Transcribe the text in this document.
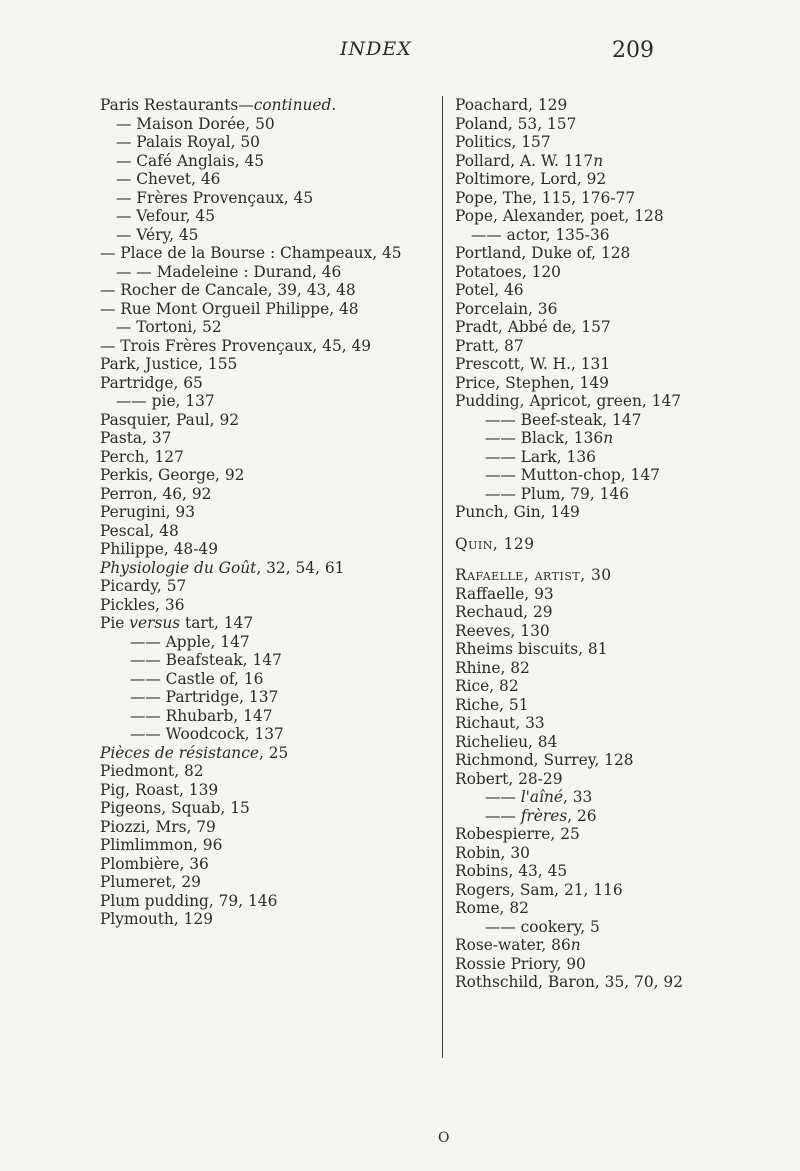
INDEX	209
Paris Restaurants—continued.
— Maison Dorée, 50
— Palais Royal, 50
— Café Anglais, 45
— Chevet, 46
— Frères Provençaux, 45
— Vefour, 45
— Véry, 45
— Place de la Bourse : Champeaux, 45
— — Madeleine : Durand, 46
— Rocher de Cancale, 39, 43, 48
— Rue Mont Orgueil Philippe, 48
— Tortoni, 52
— Trois Frères Provençaux, 45, 49
Park, Justice, 155
Partridge, 65
—— pie, 137
Pasquier, Paul, 92
Pasta, 37
Perch, 127
Perkis, George, 92
Perron, 46, 92
Perugini, 93
Pescal, 48
Philippe, 48-49
Physiologie du Goût, 32, 54, 61
Picardy, 57
Pickles, 36
Pie versus tart, 147
—— Apple, 147
—— Beafsteak, 147
—— Castle of, 16
—— Partridge, 137
—— Rhubarb, 147
—— Woodcock, 137
Pièces de résistance, 25
Piedmont, 82
Pig, Roast, 139
Pigeons, Squab, 15
Piozzi, Mrs, 79
Plimlimmon, 96
Plombière, 36
Plumeret, 29
Plum pudding, 79, 146
Plymouth, 129
Poachard, 129
Poland, 53, 157
Politics, 157
Pollard, A. W. 117n
Poltimore, Lord, 92
Pope, The, 115, 176-77
Pope, Alexander, poet, 128
—— actor, 135-36
Portland, Duke of, 128
Potatoes, 120
Potel, 46
Porcelain, 36
Pradt, Abbé de, 157
Pratt, 87
Prescott, W. H., 131
Price, Stephen, 149
Pudding, Apricot, green, 147
—— Beef-steak, 147
—— Black, 136n
—— Lark, 136
—— Mutton-chop, 147
—— Plum, 79, 146
Punch, Gin, 149
Quin, 129
Rafaelle, artist, 30
Raffaelle, 93
Rechaud, 29
Reeves, 130
Rheims biscuits, 81
Rhine, 82
Rice, 82
Riche, 51
Richaut, 33
Richelieu, 84
Richmond, Surrey, 128
Robert, 28-29
—— l'aîné, 33
—— frères, 26
Robespierre, 25
Robin, 30
Robins, 43, 45
Rogers, Sam, 21, 116
Rome, 82
—— cookery, 5
Rose-water, 86n
Rossie Priory, 90
Rothschild, Baron, 35, 70, 92
O
